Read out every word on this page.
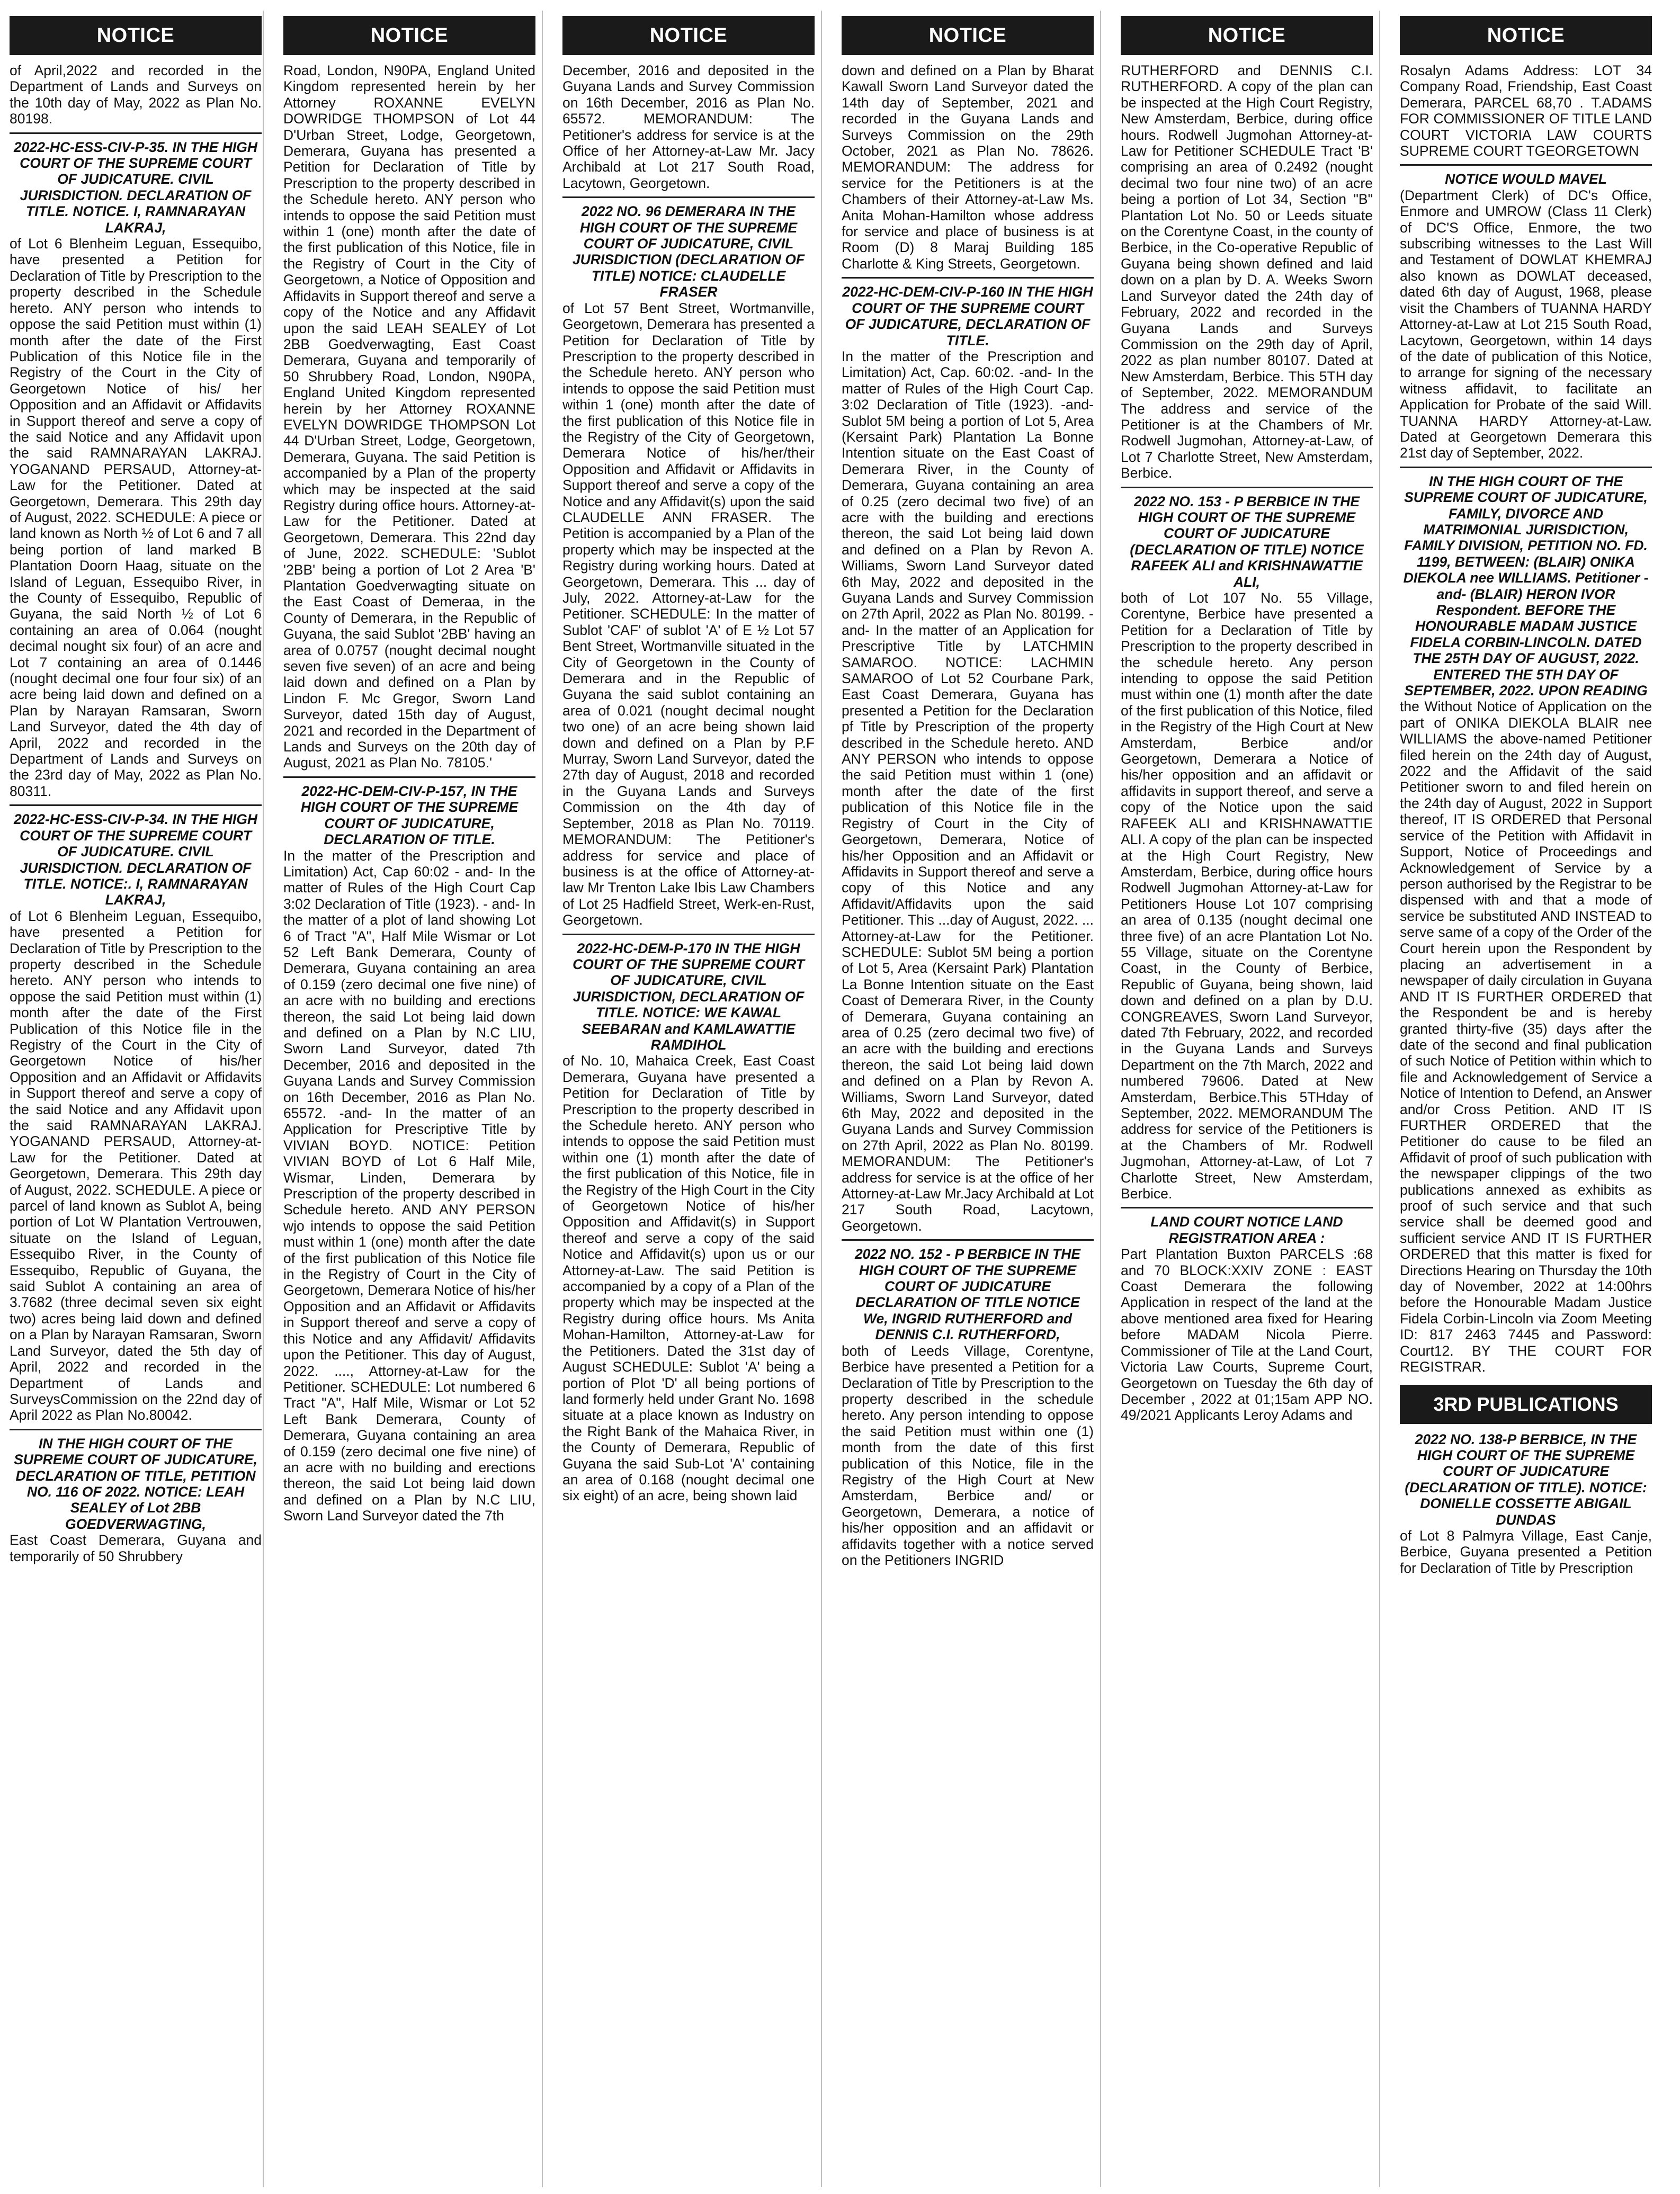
NOTICE
of April,2022 and recorded in the Department of Lands and Surveys on the 10th day of May, 2022 as Plan No. 80198.
2022-HC-ESS-CIV-P-35. IN THE HIGH COURT OF THE SUPREME COURT OF JUDICATURE. CIVIL JURISDICTION. DECLARATION OF TITLE. NOTICE. I, RAMNARAYAN LAKRAJ,
of Lot 6 Blenheim Leguan, Essequibo, have presented a Petition for Declaration of Title by Prescription to the property described in the Schedule hereto. ANY person who intends to oppose the said Petition must within (1) month after the date of the First Publication of this Notice file in the Registry of the Court in the City of Georgetown Notice of his/ her Opposition and an Affidavit or Affidavits in Support thereof and serve a copy of the said Notice and any Affidavit upon the said RAMNARAYAN LAKRAJ. YOGANAND PERSAUD, Attorney-at-Law for the Petitioner. Dated at Georgetown, Demerara. This 29th day of August, 2022. SCHEDULE: A piece or land known as North ½ of Lot 6 and 7 all being portion of land marked B Plantation Doorn Haag, situate on the Island of Leguan, Essequibo River, in the County of Essequibo, Republic of Guyana, the said North ½ of Lot 6 containing an area of 0.064 (nought decimal nought six four) of an acre and Lot 7 containing an area of 0.1446 (nought decimal one four four six) of an acre being laid down and defined on a Plan by Narayan Ramsaran, Sworn Land Surveyor, dated the 4th day of April, 2022 and recorded in the Department of Lands and Surveys on the 23rd day of May, 2022 as Plan No. 80311.
2022-HC-ESS-CIV-P-34. IN THE HIGH COURT OF THE SUPREME COURT OF JUDICATURE. CIVIL JURISDICTION. DECLARATION OF TITLE. NOTICE:. I, RAMNARAYAN LAKRAJ,
of Lot 6 Blenheim Leguan, Essequibo, have presented a Petition for Declaration of Title by Prescription to the property described in the Schedule hereto. ANY person who intends to oppose the said Petition must within (1) month after the date of the First Publication of this Notice file in the Registry of the Court in the City of Georgetown Notice of his/her Opposition and an Affidavit or Affidavits in Support thereof and serve a copy of the said Notice and any Affidavit upon the said RAMNARAYAN LAKRAJ. YOGANAND PERSAUD, Attorney-at-Law for the Petitioner. Dated at Georgetown, Demerara. This 29th day of August, 2022. SCHEDULE. A piece or parcel of land known as Sublot A, being portion of Lot W Plantation Vertrouwen, situate on the Island of Leguan, Essequibo River, in the County of Essequibo, Republic of Guyana, the said Sublot A containing an area of 3.7682 (three decimal seven six eight two) acres being laid down and defined on a Plan by Narayan Ramsaran, Sworn Land Surveyor, dated the 5th day of April, 2022 and recorded in the Department of Lands and SurveysCommission on the 22nd day of April 2022 as Plan No.80042.
IN THE HIGH COURT OF THE SUPREME COURT OF JUDICATURE, DECLARATION OF TITLE, PETITION NO. 116 OF 2022. NOTICE: LEAH SEALEY of Lot 2BB GOEDVERWAGTING,
East Coast Demerara, Guyana and temporarily of 50 Shrubbery
NOTICE
Road, London, N90PA, England United Kingdom represented herein by her Attorney ROXANNE EVELYN DOWRIDGE THOMPSON of Lot 44 D'Urban Street, Lodge, Georgetown, Demerara, Guyana has presented a Petition for Declaration of Title by Prescription to the property described in the Schedule hereto. ANY person who intends to oppose the said Petition must within 1 (one) month after the date of the first publication of this Notice, file in the Registry of Court in the City of Georgetown, a Notice of Opposition and Affidavits in Support thereof and serve a copy of the Notice and any Affidavit upon the said LEAH SEALEY of Lot 2BB Goedverwagting, East Coast Demerara, Guyana and temporarily of 50 Shrubbery Road, London, N90PA, England United Kingdom represented herein by her Attorney ROXANNE EVELYN DOWRIDGE THOMPSON Lot 44 D'Urban Street, Lodge, Georgetown, Demerara, Guyana. The said Petition is accompanied by a Plan of the property which may be inspected at the said Registry during office hours. Attorney-at-Law for the Petitioner. Dated at Georgetown, Demerara. This 22nd day of June, 2022. SCHEDULE: 'Sublot '2BB' being a portion of Lot 2 Area 'B' Plantation Goedverwagting situate on the East Coast of Demeraa, in the County of Demerara, in the Republic of Guyana, the said Sublot '2BB' having an area of 0.0757 (nought decimal nought seven five seven) of an acre and being laid down and defined on a Plan by Lindon F. Mc Gregor, Sworn Land Surveyor, dated 15th day of August, 2021 and recorded in the Department of Lands and Surveys on the 20th day of August, 2021 as Plan No. 78105.'
2022-HC-DEM-CIV-P-157, IN THE HIGH COURT OF THE SUPREME COURT OF JUDICATURE, DECLARATION OF TITLE.
In the matter of the Prescription and Limitation) Act, Cap 60:02 - and- In the matter of Rules of the High Court Cap 3:02 Declaration of Title (1923). - and- In the matter of a plot of land showing Lot 6 of Tract "A", Half Mile Wismar or Lot 52 Left Bank Demerara, County of Demerara, Guyana containing an area of 0.159 (zero decimal one five nine) of an acre with no building and erections thereon, the said Lot being laid down and defined on a Plan by N.C LIU, Sworn Land Surveyor, dated 7th December, 2016 and deposited in the Guyana Lands and Survey Commission on 16th December, 2016 as Plan No. 65572. -and- In the matter of an Application for Prescriptive Title by VIVIAN BOYD. NOTICE: Petition VIVIAN BOYD of Lot 6 Half Mile, Wismar, Linden, Demerara by Prescription of the property described in Schedule hereto. AND ANY PERSON wjo intends to oppose the said Petition must within 1 (one) month after the date of the first publication of this Notice file in the Registry of Court in the City of Georgetown, Demerara Notice of his/her Opposition and an Affidavit or Affidavits in Support thereof and serve a copy of this Notice and any Affidavit/ Affidavits upon the Petitioner. This day of August, 2022. ...., Attorney-at-Law for the Petitioner. SCHEDULE: Lot numbered 6 Tract "A", Half Mile, Wismar or Lot 52 Left Bank Demerara, County of Demerara, Guyana containing an area of 0.159 (zero decimal one five nine) of an acre with no building and erections thereon, the said Lot being laid down and defined on a Plan by N.C LIU, Sworn Land Surveyor dated the 7th
NOTICE
December, 2016 and deposited in the Guyana Lands and Survey Commission on 16th December, 2016 as Plan No. 65572. MEMORANDUM: The Petitioner's address for service is at the Office of her Attorney-at-Law Mr. Jacy Archibald at Lot 217 South Road, Lacytown, Georgetown.
2022 NO. 96 DEMERARA IN THE HIGH COURT OF THE SUPREME COURT OF JUDICATURE, CIVIL JURISDICTION (DECLARATION OF TITLE) NOTICE: CLAUDELLE FRASER
of Lot 57 Bent Street, Wortmanville, Georgetown, Demerara has presented a Petition for Declaration of Title by Prescription to the property described in the Schedule hereto. ANY person who intends to oppose the said Petition must within 1 (one) month after the date of the first publication of this Notice file in the Registry of the City of Georgetown, Demerara Notice of his/her/their Opposition and Affidavit or Affidavits in Support thereof and serve a copy of the Notice and any Affidavit(s) upon the said CLAUDELLE ANN FRASER. The Petition is accompanied by a Plan of the property which may be inspected at the Registry during working hours. Dated at Georgetown, Demerara. This ... day of July, 2022. Attorney-at-Law for the Petitioner. SCHEDULE: In the matter of Sublot 'CAF' of sublot 'A' of E ½ Lot 57 Bent Street, Wortmanville situated in the City of Georgetown in the County of Demerara and in the Republic of Guyana the said sublot containing an area of 0.021 (nought decimal nought two one) of an acre being shown laid down and defined on a Plan by P.F Murray, Sworn Land Surveyor, dated the 27th day of August, 2018 and recorded in the Guyana Lands and Surveys Commission on the 4th day of September, 2018 as Plan No. 70119. MEMORANDUM: The Petitioner's address for service and place of business is at the office of Attorney-at-law Mr Trenton Lake Ibis Law Chambers of Lot 25 Hadfield Street, Werk-en-Rust, Georgetown.
2022-HC-DEM-P-170 IN THE HIGH COURT OF THE SUPREME COURT OF JUDICATURE, CIVIL JURISDICTION, DECLARATION OF TITLE. NOTICE: WE KAWAL SEEBARAN and KAMLAWATTIE RAMDIHOL
of No. 10, Mahaica Creek, East Coast Demerara, Guyana have presented a Petition for Declaration of Title by Prescription to the property described in the Schedule hereto. ANY person who intends to oppose the said Petition must within one (1) month after the date of the first publication of this Notice, file in the Registry of the High Court in the City of Georgetown Notice of his/her Opposition and Affidavit(s) in Support thereof and serve a copy of the said Notice and Affidavit(s) upon us or our Attorney-at-Law. The said Petition is accompanied by a copy of a Plan of the property which may be inspected at the Registry during office hours. Ms Anita Mohan-Hamilton, Attorney-at-Law for the Petitioners. Dated the 31st day of August SCHEDULE: Sublot 'A' being a portion of Plot 'D' all being portions of land formerly held under Grant No. 1698 situate at a place known as Industry on the Right Bank of the Mahaica River, in the County of Demerara, Republic of Guyana the said Sub-Lot 'A' containing an area of 0.168 (nought decimal one six eight) of an acre, being shown laid
NOTICE
down and defined on a Plan by Bharat Kawall Sworn Land Surveyor dated the 14th day of September, 2021 and recorded in the Guyana Lands and Surveys Commission on the 29th October, 2021 as Plan No. 78626. MEMORANDUM: The address for service for the Petitioners is at the Chambers of their Attorney-at-Law Ms. Anita Mohan-Hamilton whose address for service and place of business is at Room (D) 8 Maraj Building 185 Charlotte & King Streets, Georgetown.
2022-HC-DEM-CIV-P-160 IN THE HIGH COURT OF THE SUPREME COURT OF JUDICATURE, DECLARATION OF TITLE.
In the matter of the Prescription and Limitation) Act, Cap. 60:02. -and- In the matter of Rules of the High Court Cap. 3:02 Declaration of Title (1923). -and- Sublot 5M being a portion of Lot 5, Area (Kersaint Park) Plantation La Bonne Intention situate on the East Coast of Demerara River, in the County of Demerara, Guyana containing an area of 0.25 (zero decimal two five) of an acre with the building and erections thereon, the said Lot being laid down and defined on a Plan by Revon A. Williams, Sworn Land Surveyor dated 6th May, 2022 and deposited in the Guyana Lands and Survey Commission on 27th April, 2022 as Plan No. 80199. -and- In the matter of an Application for Prescriptive Title by LATCHMIN SAMAROO. NOTICE: LACHMIN SAMAROO of Lot 52 Courbane Park, East Coast Demerara, Guyana has presented a Petition for the Declaration pf Title by Prescription of the property described in the Schedule hereto. AND ANY PERSON who intends to oppose the said Petition must within 1 (one) month after the date of the first publication of this Notice file in the Registry of Court in the City of Georgetown, Demerara, Notice of his/her Opposition and an Affidavit or Affidavits in Support thereof and serve a copy of this Notice and any Affidavit/Affidavits upon the said Petitioner. This ...day of August, 2022. ... Attorney-at-Law for the Petitioner. SCHEDULE: Sublot 5M being a portion of Lot 5, Area (Kersaint Park) Plantation La Bonne Intention situate on the East Coast of Demerara River, in the County of Demerara, Guyana containing an area of 0.25 (zero decimal two five) of an acre with the building and erections thereon, the said Lot being laid down and defined on a Plan by Revon A. Williams, Sworn Land Surveyor, dated 6th May, 2022 and deposited in the Guyana Lands and Survey Commission on 27th April, 2022 as Plan No. 80199. MEMORANDUM: The Petitioner's address for service is at the office of her Attorney-at-Law Mr.Jacy Archibald at Lot 217 South Road, Lacytown, Georgetown.
2022 NO. 152 - P BERBICE IN THE HIGH COURT OF THE SUPREME COURT OF JUDICATURE DECLARATION OF TITLE NOTICE We, INGRID RUTHERFORD and DENNIS C.I. RUTHERFORD,
both of Leeds Village, Corentyne, Berbice have presented a Petition for a Declaration of Title by Prescription to the property described in the schedule hereto. Any person intending to oppose the said Petition must within one (1) month from the date of this first publication of this Notice, file in the Registry of the High Court at New Amsterdam, Berbice and/ or Georgetown, Demerara, a notice of his/her opposition and an affidavit or affidavits together with a notice served on the Petitioners INGRID
NOTICE
RUTHERFORD and DENNIS C.I. RUTHERFORD. A copy of the plan can be inspected at the High Court Registry, New Amsterdam, Berbice, during office hours. Rodwell Jugmohan Attorney-at-Law for Petitioner SCHEDULE Tract 'B' comprising an area of 0.2492 (nought decimal two four nine two) of an acre being a portion of Lot 34, Section "B" Plantation Lot No. 50 or Leeds situate on the Corentyne Coast, in the county of Berbice, in the Co-operative Republic of Guyana being shown defined and laid down on a plan by D. A. Weeks Sworn Land Surveyor dated the 24th day of February, 2022 and recorded in the Guyana Lands and Surveys Commission on the 29th day of April, 2022 as plan number 80107. Dated at New Amsterdam, Berbice. This 5TH day of September, 2022. MEMORANDUM The address and service of the Petitioner is at the Chambers of Mr. Rodwell Jugmohan, Attorney-at-Law, of Lot 7 Charlotte Street, New Amsterdam, Berbice.
2022 NO. 153 - P BERBICE IN THE HIGH COURT OF THE SUPREME COURT OF JUDICATURE (DECLARATION OF TITLE) NOTICE RAFEEK ALI and KRISHNAWATTIE ALI,
both of Lot 107 No. 55 Village, Corentyne, Berbice have presented a Petition for a Declaration of Title by Prescription to the property described in the schedule hereto. Any person intending to oppose the said Petition must within one (1) month after the date of the first publication of this Notice, filed in the Registry of the High Court at New Amsterdam, Berbice and/or Georgetown, Demerara a Notice of his/her opposition and an affidavit or affidavits in support thereof, and serve a copy of the Notice upon the said RAFEEK ALI and KRISHNAWATTIE ALI. A copy of the plan can be inspected at the High Court Registry, New Amsterdam, Berbice, during office hours Rodwell Jugmohan Attorney-at-Law for Petitioners House Lot 107 comprising an area of 0.135 (nought decimal one three five) of an acre Plantation Lot No. 55 Village, situate on the Corentyne Coast, in the County of Berbice, Republic of Guyana, being shown, laid down and defined on a plan by D.U. CONGREAVES, Sworn Land Surveyor, dated 7th February, 2022, and recorded in the Guyana Lands and Surveys Department on the 7th March, 2022 and numbered 79606. Dated at New Amsterdam, Berbice.This 5THday of September, 2022. MEMORANDUM The address for service of the Petitioners is at the Chambers of Mr. Rodwell Jugmohan, Attorney-at-Law, of Lot 7 Charlotte Street, New Amsterdam, Berbice.
LAND COURT NOTICE LAND REGISTRATION AREA :
Part Plantation Buxton PARCELS :68 and 70 BLOCK:XXIV ZONE : EAST Coast Demerara the following Application in respect of the land at the above mentioned area fixed for Hearing before MADAM Nicola Pierre. Commissioner of Tile at the Land Court, Victoria Law Courts, Supreme Court, Georgetown on Tuesday the 6th day of December , 2022 at 01;15am APP NO. 49/2021 Applicants Leroy Adams and
NOTICE
Rosalyn Adams Address: LOT 34 Company Road, Friendship, East Coast Demerara, PARCEL 68,70 . T.ADAMS FOR COMMISSIONER OF TITLE LAND COURT VICTORIA LAW COURTS SUPREME COURT TGEORGETOWN
NOTICE WOULD MAVEL
(Department Clerk) of DC's Office, Enmore and UMROW (Class 11 Clerk) of DC'S Office, Enmore, the two subscribing witnesses to the Last Will and Testament of DOWLAT KHEMRAJ also known as DOWLAT deceased, dated 6th day of August, 1968, please visit the Chambers of TUANNA HARDY Attorney-at-Law at Lot 215 South Road, Lacytown, Georgetown, within 14 days of the date of publication of this Notice, to arrange for signing of the necessary witness affidavit, to facilitate an Application for Probate of the said Will. TUANNA HARDY Attorney-at-Law. Dated at Georgetown Demerara this 21st day of September, 2022.
IN THE HIGH COURT OF THE SUPREME COURT OF JUDICATURE, FAMILY, DIVORCE AND MATRIMONIAL JURISDICTION, FAMILY DIVISION, PETITION NO. FD. 1199, BETWEEN: (BLAIR) ONIKA DIEKOLA nee WILLIAMS. Petitioner -and- (BLAIR) HERON IVOR Respondent. BEFORE THE HONOURABLE MADAM JUSTICE FIDELA CORBIN-LINCOLN. DATED THE 25TH DAY OF AUGUST, 2022. ENTERED THE 5TH DAY OF SEPTEMBER, 2022. UPON READING
the Without Notice of Application on the part of ONIKA DIEKOLA BLAIR nee WILLIAMS the above-named Petitioner filed herein on the 24th day of August, 2022 and the Affidavit of the said Petitioner sworn to and filed herein on the 24th day of August, 2022 in Support thereof, IT IS ORDERED that Personal service of the Petition with Affidavit in Support, Notice of Proceedings and Acknowledgement of Service by a person authorised by the Registrar to be dispensed with and that a mode of service be substituted AND INSTEAD to serve same of a copy of the Order of the Court herein upon the Respondent by placing an advertisement in a newspaper of daily circulation in Guyana AND IT IS FURTHER ORDERED that the Respondent be and is hereby granted thirty-five (35) days after the date of the second and final publication of such Notice of Petition within which to file and Acknowledgement of Service a Notice of Intention to Defend, an Answer and/or Cross Petition. AND IT IS FURTHER ORDERED that the Petitioner do cause to be filed an Affidavit of proof of such publication with the newspaper clippings of the two publications annexed as exhibits as proof of such service and that such service shall be deemed good and sufficient service AND IT IS FURTHER ORDERED that this matter is fixed for Directions Hearing on Thursday the 10th day of November, 2022 at 14:00hrs before the Honourable Madam Justice Fidela Corbin-Lincoln via Zoom Meeting ID: 817 2463 7445 and Password: Court12. BY THE COURT FOR REGISTRAR.
3RD PUBLICATIONS
2022 NO. 138-P BERBICE, IN THE HIGH COURT OF THE SUPREME COURT OF JUDICATURE (DECLARATION OF TITLE). NOTICE: DONIELLE COSSETTE ABIGAIL DUNDAS
of Lot 8 Palmyra Village, East Canje, Berbice, Guyana presented a Petition for Declaration of Title by Prescription
